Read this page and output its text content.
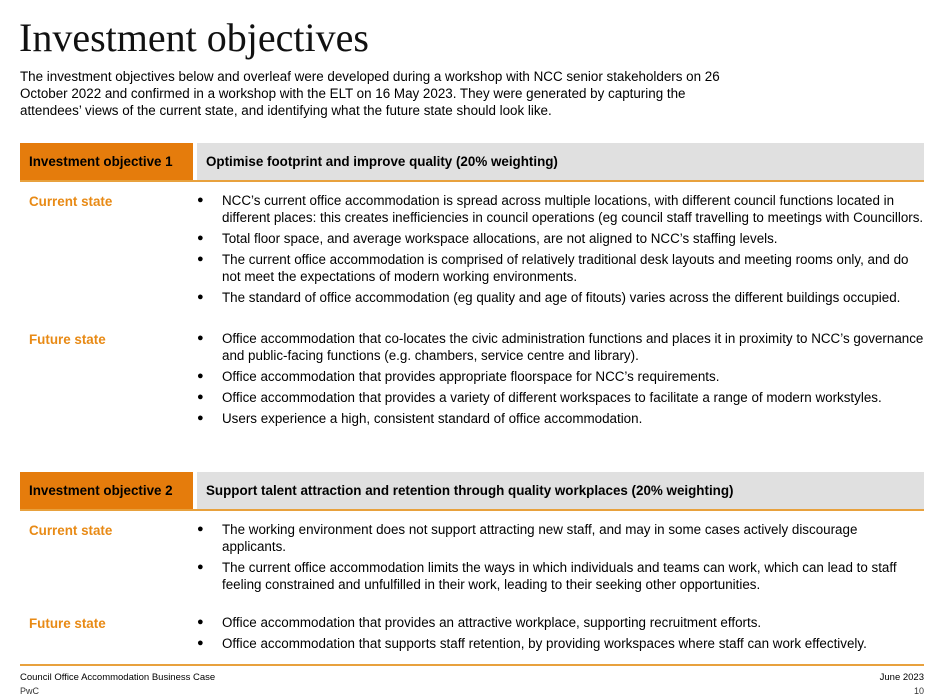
Investment objectives

The investment objectives below and overleaf were developed during a workshop with NCC senior stakeholders on 26 October 2022 and confirmed in a workshop with the ELT on 16 May 2023. They were generated by capturing the attendees’ views of the current state, and identifying what the future state should look like.

Investment objective 1	Optimise footprint and improve quality (20% weighting)
Current state	● NCC’s current office accommodation is spread across multiple locations, with different council functions located in different places: this creates inefficiencies in council operations (eg council staff travelling to meetings with Councillors.
● Total floor space, and average workspace allocations, are not aligned to NCC’s staffing levels.
● The current office accommodation is comprised of relatively traditional desk layouts and meeting rooms only, and do not meet the expectations of modern working environments.
● The standard of office accommodation (eg quality and age of fitouts) varies across the different buildings occupied.
Future state	● Office accommodation that co-locates the civic administration functions and places it in proximity to NCC’s governance and public-facing functions (e.g. chambers, service centre and library).
● Office accommodation that provides appropriate floorspace for NCC’s requirements.
● Office accommodation that provides a variety of different workspaces to facilitate a range of modern workstyles.
● Users experience a high, consistent standard of office accommodation.
Investment objective 2	Support talent attraction and retention through quality workplaces (20% weighting)
Current state	● The working environment does not support attracting new staff, and may in some cases actively discourage applicants.
● The current office accommodation limits the ways in which individuals and teams can work, which can lead to staff feeling constrained and unfulfilled in their work, leading to their seeking other opportunities.
Future state	● Office accommodation that provides an attractive workplace, supporting recruitment efforts.
● Office accommodation that supports staff retention, by providing workspaces where staff can work effectively.
Council Office Accommodation Business Case	June 2023
PwC	10
